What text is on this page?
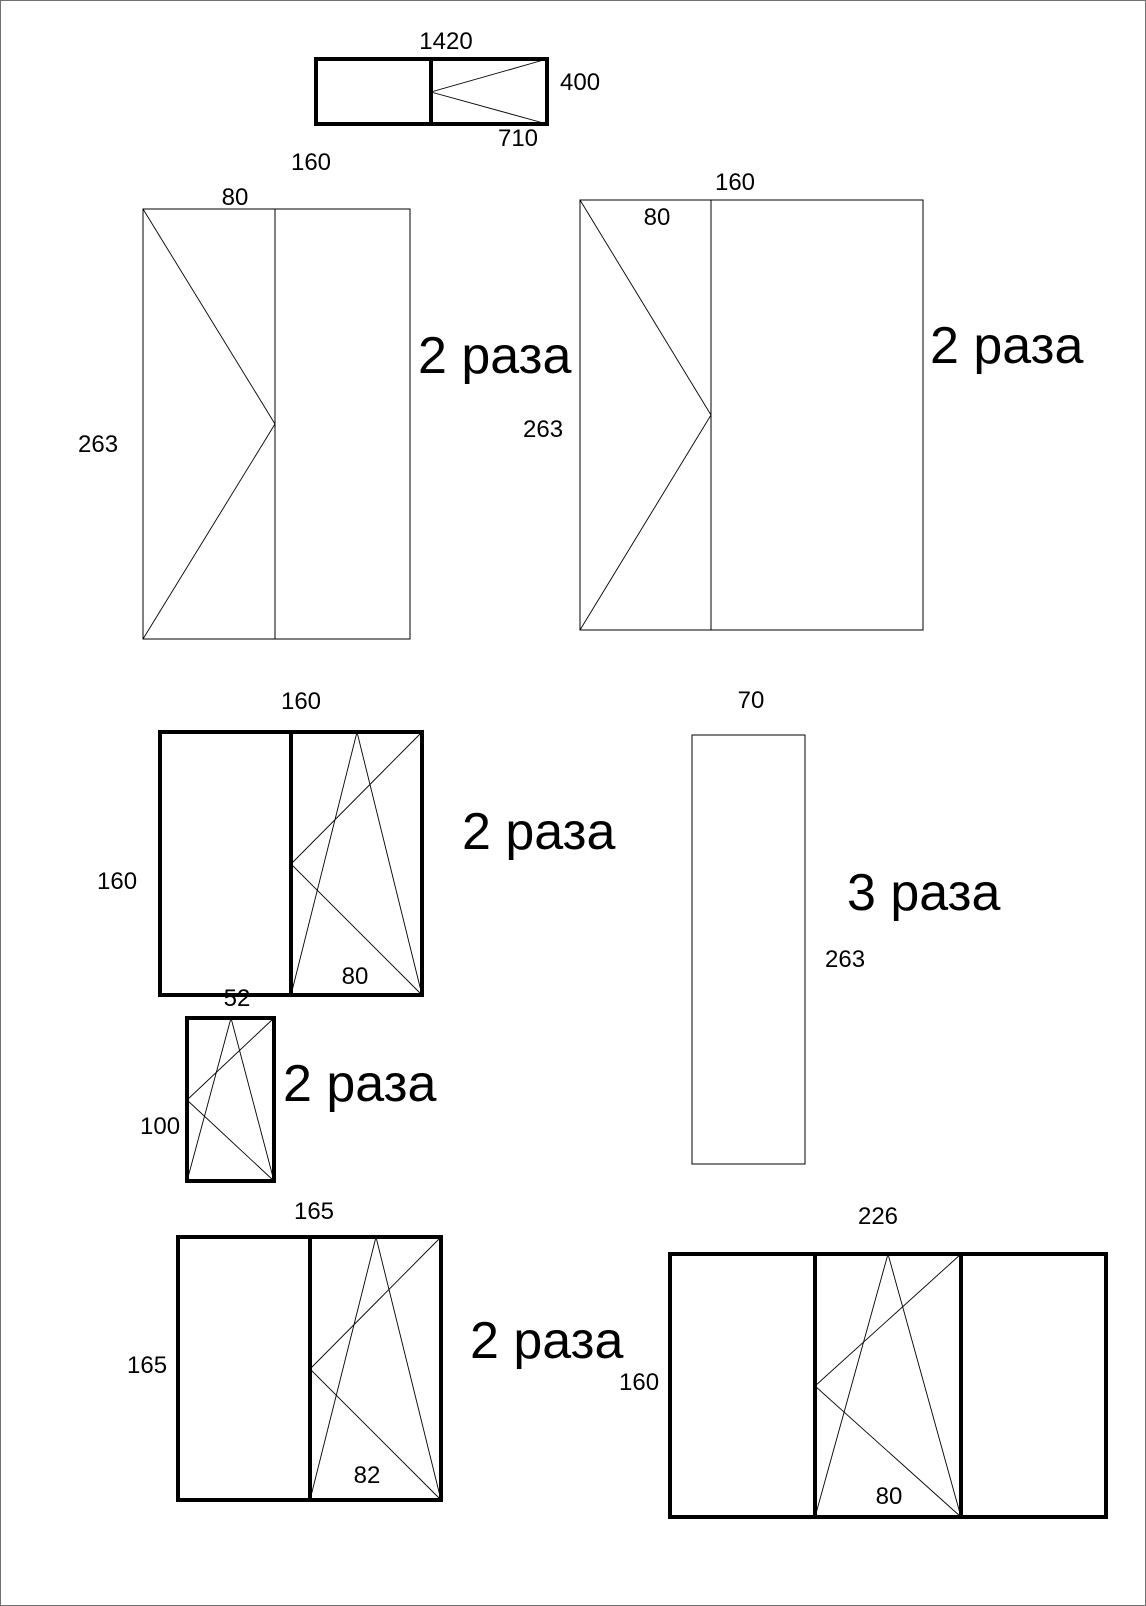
1420
400
710
160
80
263
2 раза
160
80
263
2 раза
160
160
80
2 раза
70
263
3 раза
52
100
2 раза
165
165
82
2 раза
226
160
80
